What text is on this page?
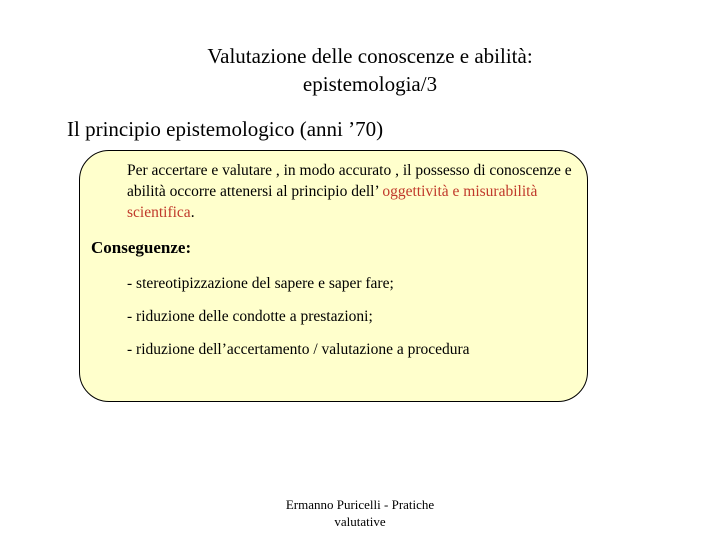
Valutazione delle conoscenze e abilità:
epistemologia/3
Il principio epistemologico (anni ’70)
Per accertare e valutare , in modo accurato , il possesso di conoscenze e abilità occorre attenersi al principio dell’ oggettività e misurabilità scientifica.
Conseguenze:
- stereotipizzazione del sapere e saper fare;
- riduzione delle condotte a prestazioni;
- riduzione dell’accertamento / valutazione a procedura
Ermanno Puricelli - Pratiche
valutative
